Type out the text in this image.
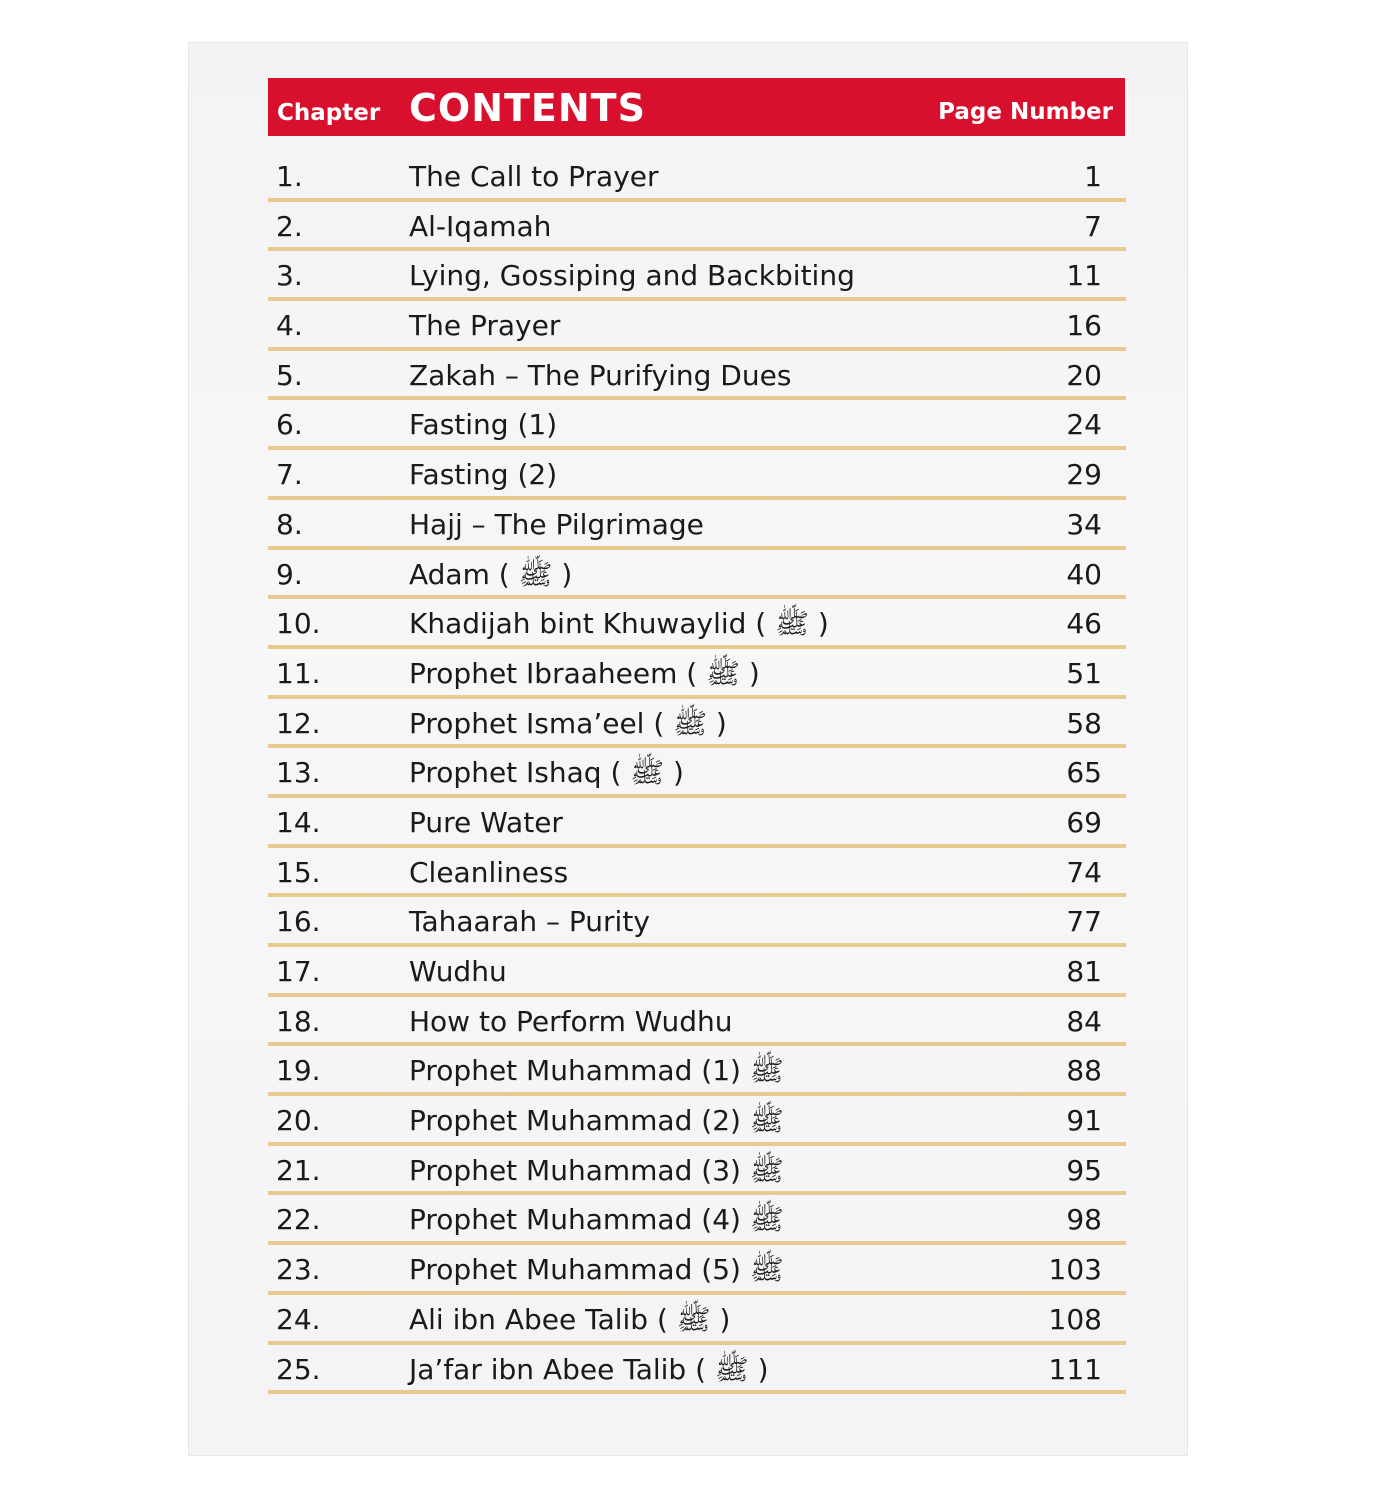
Chapter CONTENTS	Page Number
1.	The Call to Prayer	1
2.	Al-Iqamah	7
3.	Lying, Gossiping and Backbiting	11
4.	The Prayer	16
5.	Zakah – The Purifying Dues	20
6.	Fasting (1)	24
7.	Fasting (2)	29
8.	Hajj – The Pilgrimage	34
9.	Adam ( ﷺ )	40
10.	Khadijah bint Khuwaylid ( ﷺ )	46
11.	Prophet Ibraaheem ( ﷺ )	51
12.	Prophet Isma’eel ( ﷺ )	58
13.	Prophet Ishaq ( ﷺ )	65
14.	Pure Water	69
15.	Cleanliness	74
16.	Tahaarah – Purity	77
17.	Wudhu	81
18.	How to Perform Wudhu	84
19.	Prophet Muhammad ﷺ (1)	88
20.	Prophet Muhammad ﷺ (2)	91
21.	Prophet Muhammad ﷺ (3)	95
22.	Prophet Muhammad ﷺ (4)	98
23.	Prophet Muhammad ﷺ (5)	103
24.	Ali ibn Abee Talib ( ﷺ )	108
25.	Ja’far ibn Abee Talib ( ﷺ )	111
